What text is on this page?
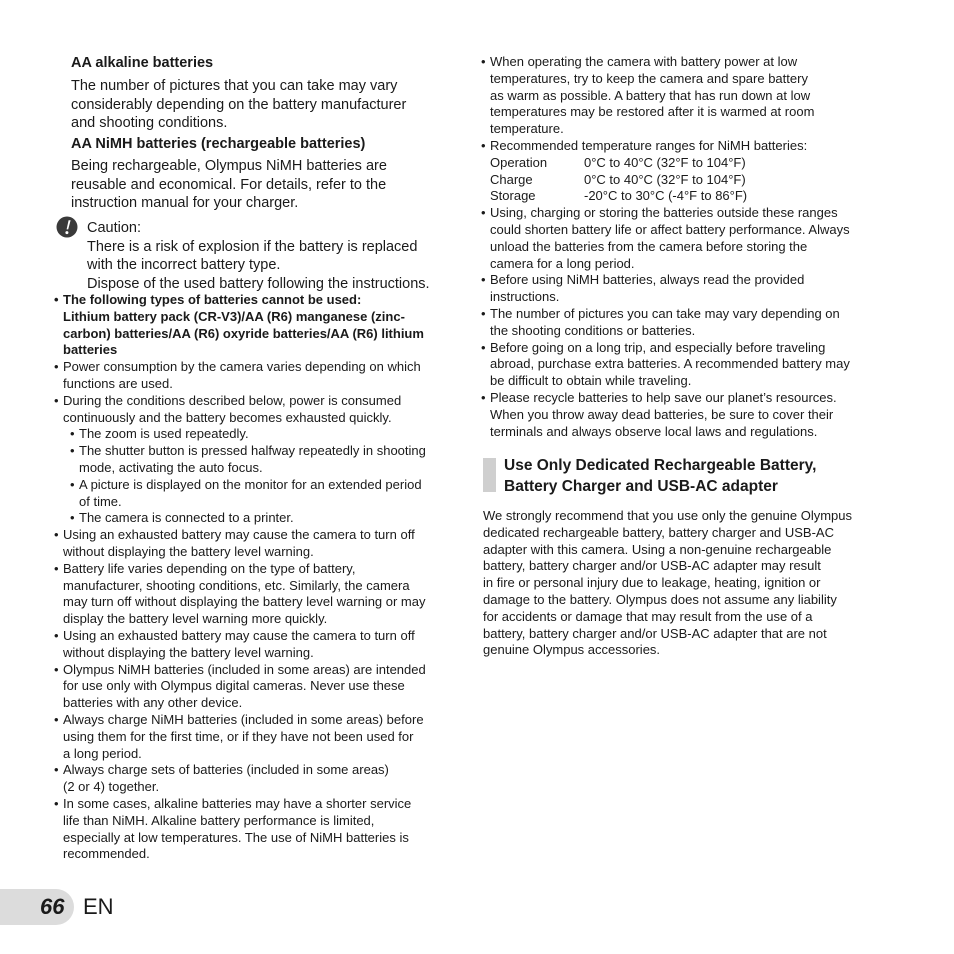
AA alkaline batteries
The number of pictures that you can take may vary
considerably depending on the battery manufacturer
and shooting conditions.
AA NiMH batteries (rechargeable batteries)
Being rechargeable, Olympus NiMH batteries are
reusable and economical. For details, refer to the
instruction manual for your charger.
Caution:
There is a risk of explosion if the battery is replaced
with the incorrect battery type.
Dispose of the used battery following the instructions.
• The following types of batteries cannot be used:
Lithium battery pack (CR-V3)/AA (R6) manganese (zinc-
carbon) batteries/AA (R6) oxyride batteries/AA (R6) lithium
batteries
• Power consumption by the camera varies depending on which
functions are used.
• During the conditions described below, power is consumed
continuously and the battery becomes exhausted quickly.
• The zoom is used repeatedly.
• The shutter button is pressed halfway repeatedly in shooting
mode, activating the auto focus.
• A picture is displayed on the monitor for an extended period
of time.
• The camera is connected to a printer.
• Using an exhausted battery may cause the camera to turn off
without displaying the battery level warning.
• Battery life varies depending on the type of battery,
manufacturer, shooting conditions, etc. Similarly, the camera
may turn off without displaying the battery level warning or may
display the battery level warning more quickly.
• Using an exhausted battery may cause the camera to turn off
without displaying the battery level warning.
• Olympus NiMH batteries (included in some areas) are intended
for use only with Olympus digital cameras. Never use these
batteries with any other device.
• Always charge NiMH batteries (included in some areas) before
using them for the first time, or if they have not been used for
a long period.
• Always charge sets of batteries (included in some areas)
(2 or 4) together.
• In some cases, alkaline batteries may have a shorter service
life than NiMH. Alkaline battery performance is limited,
especially at low temperatures. The use of NiMH batteries is
recommended.
• When operating the camera with battery power at low
temperatures, try to keep the camera and spare battery
as warm as possible. A battery that has run down at low
temperatures may be restored after it is warmed at room
temperature.
• Recommended temperature ranges for NiMH batteries:
Operation	0°C to 40°C (32°F to 104°F)
Charge	0°C to 40°C (32°F to 104°F)
Storage	-20°C to 30°C (-4°F to 86°F)
• Using, charging or storing the batteries outside these ranges
could shorten battery life or affect battery performance. Always
unload the batteries from the camera before storing the
camera for a long period.
• Before using NiMH batteries, always read the provided
instructions.
• The number of pictures you can take may vary depending on
the shooting conditions or batteries.
• Before going on a long trip, and especially before traveling
abroad, purchase extra batteries. A recommended battery may
be difficult to obtain while traveling.
• Please recycle batteries to help save our planet’s resources.
When you throw away dead batteries, be sure to cover their
terminals and always observe local laws and regulations.
Use Only Dedicated Rechargeable Battery,
Battery Charger and USB-AC adapter
We strongly recommend that you use only the genuine Olympus
dedicated rechargeable battery, battery charger and USB-AC
adapter with this camera. Using a non-genuine rechargeable
battery, battery charger and/or USB-AC adapter may result
in fire or personal injury due to leakage, heating, ignition or
damage to the battery. Olympus does not assume any liability
for accidents or damage that may result from the use of a
battery, battery charger and/or USB-AC adapter that are not
genuine Olympus accessories.
66 EN
